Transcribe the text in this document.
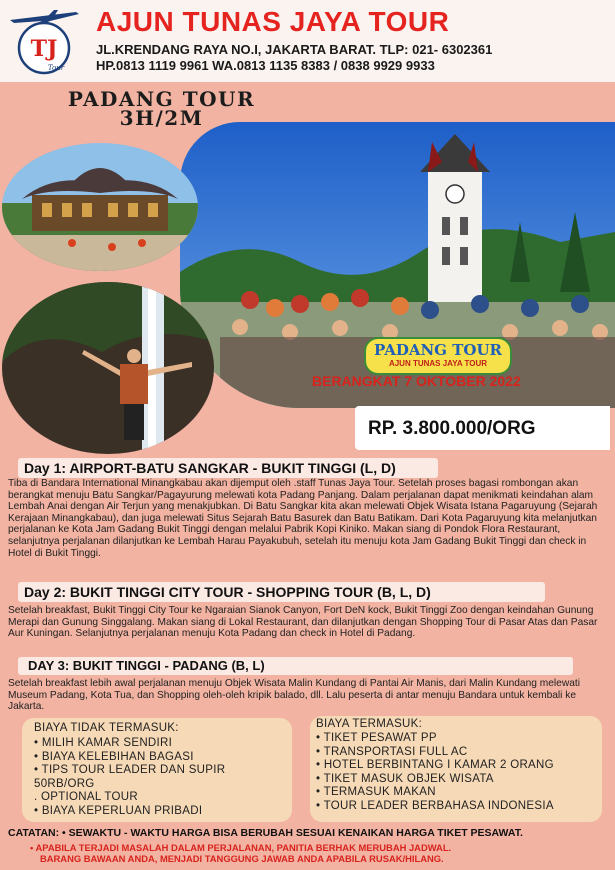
TJ
Tour
AJUN TUNAS JAYA TOUR
JL.KRENDANG RAYA NO.I, JAKARTA BARAT. TLP: 021- 6302361
HP.0813 1119 9961 WA.0813 1135 8383 / 0838 9929 9933
PADANG TOUR
3H/2M
PADANG TOUR
AJUN TUNAS JAYA TOUR
BERANGKAT 7 OKTOBER 2022
RP. 3.800.000/ORG
Day 1: AIRPORT-BATU SANGKAR - BUKIT TINGGI (L, D)
Tiba di Bandara International Minangkabau akan dijemput oleh .staff Tunas Jaya Tour. Setelah proses bagasi rombongan akan berangkat menuju Batu Sangkar/Pagayurung melewati kota Padang Panjang. Dalam perjalanan dapat menikmati keindahan alam Lembah Anai dengan Air Terjun yang menakjubkan. Di Batu Sangkar kita akan melewati Objek Wisata Istana Pagaruyung (Sejarah Kerajaan Minangkabau), dan juga melewati Situs Sejarah Batu Basurek dan Batu Batikam. Dari Kota Pagaruyung kita melanjutkan perjalanan ke Kota Jam Gadang Bukit Tinggi dengan melalui Pabrik Kopi Kiniko. Makan siang di Pondok Flora Restaurant, selanjutnya perjalanan dilanjutkan ke Lembah Harau Payakubuh, setelah itu menuju kota Jam Gadang Bukit Tinggi dan check in Hotel di Bukit Tinggi.
Day 2: BUKIT TINGGI CITY TOUR - SHOPPING TOUR (B, L, D)
Setelah breakfast, Bukit Tinggi City Tour ke Ngaraian Sianok Canyon, Fort DeN kock, Bukit Tinggi Zoo dengan keindahan Gunung Merapi dan Gunung Singgalang. Makan siang di Lokal Restaurant, dan dilanjutkan dengan Shopping Tour di Pasar Atas dan Pasar Aur Kuningan. Selanjutnya perjalanan menuju Kota Padang dan check in Hotel di Padang.
DAY 3: BUKIT TINGGI - PADANG (B, L)
Setelah breakfast lebih awal perjalanan menuju Objek Wisata Malin Kundang di Pantai Air Manis, dari Malin Kundang melewati Museum Padang, Kota Tua, dan Shopping oleh-oleh kripik balado, dll. Lalu peserta di antar menuju Bandara untuk kembali ke Jakarta.
BIAYA TIDAK TERMASUK:
• MILIH KAMAR SENDIRI
• BIAYA KELEBIHAN BAGASI
• TIPS TOUR LEADER DAN SUPIR
50RB/ORG
. OPTIONAL TOUR
• BIAYA KEPERLUAN PRIBADI
BIAYA TERMASUK:
• TIKET PESAWAT PP
• TRANSPORTASI FULL AC
• HOTEL BERBINTANG I KAMAR 2 ORANG
• TIKET MASUK OBJEK WISATA
• TERMASUK MAKAN
• TOUR LEADER BERBAHASA INDONESIA
CATATAN: • SEWAKTU - WAKTU HARGA BISA BERUBAH SESUAI KENAIKAN HARGA TIKET PESAWAT.
• APABILA TERJADI MASALAH DALAM PERJALANAN, PANITIA BERHAK MERUBAH JADWAL.
BARANG BAWAAN ANDA, MENJADI TANGGUNG JAWAB ANDA APABILA RUSAK/HILANG.
